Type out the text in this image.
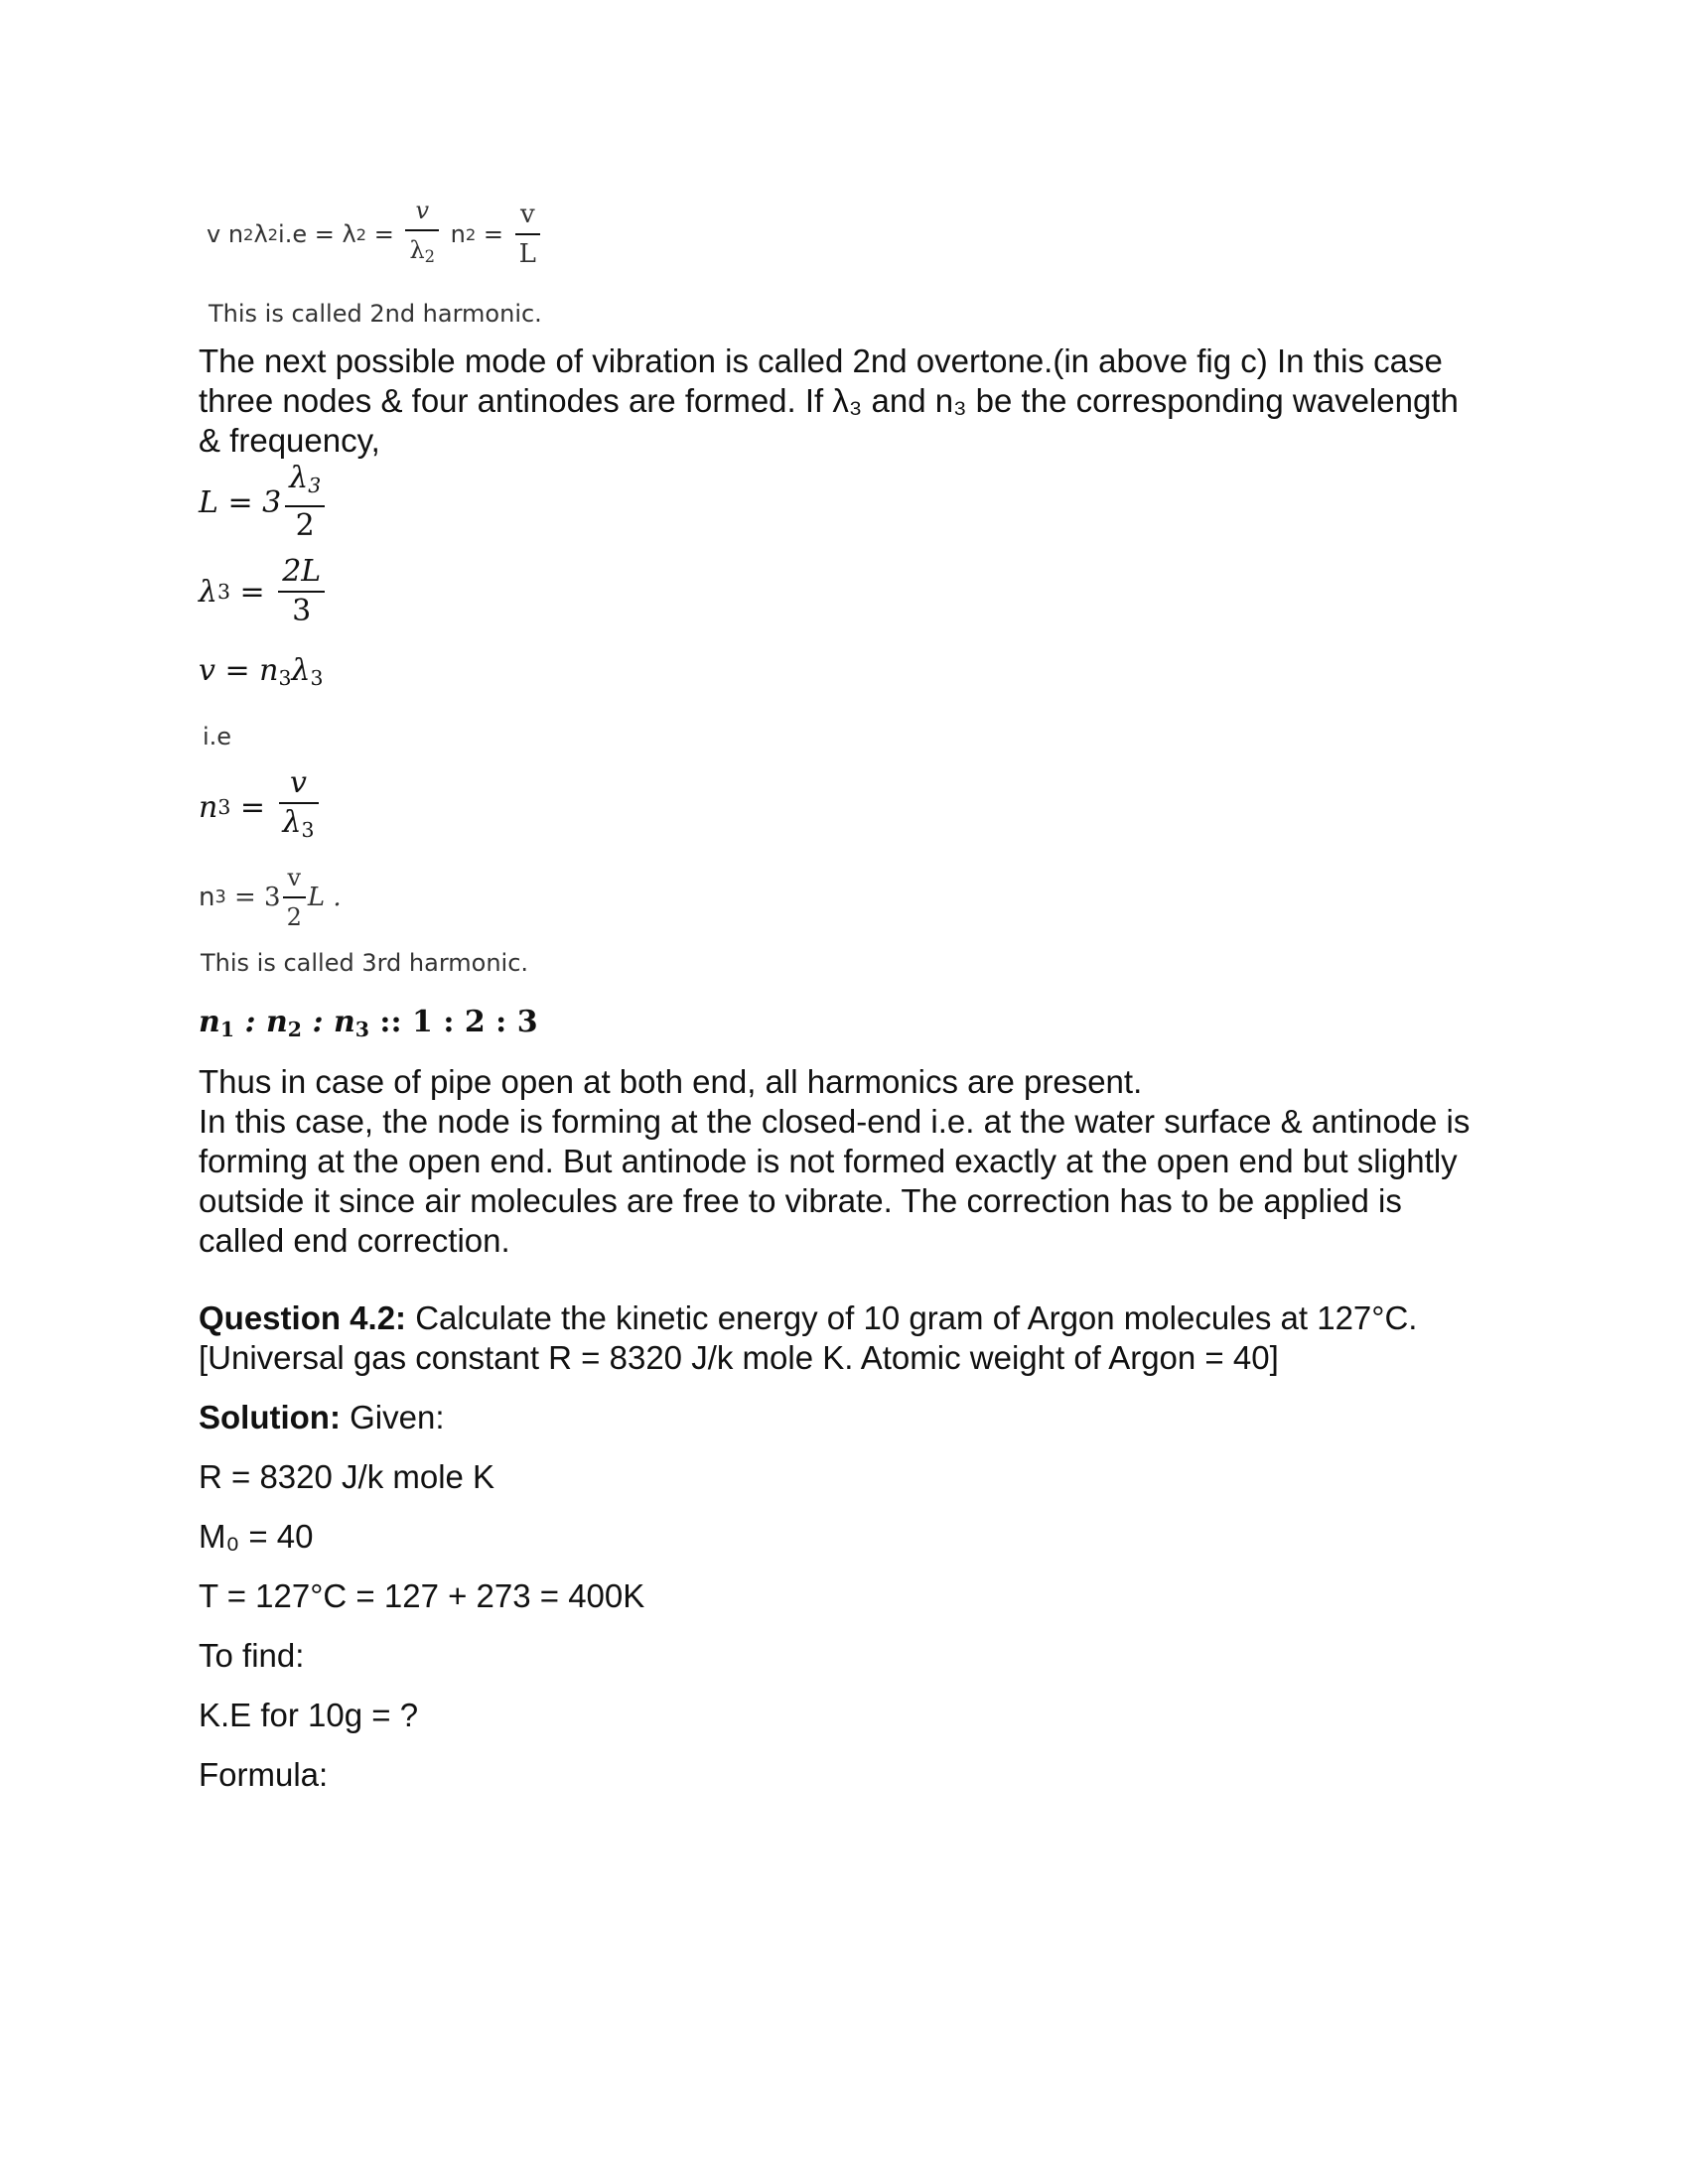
v n 2 λ 2 i.e = λ $2 = \frac{v}{\lambda_2}$ n $2 = \frac{v}{L}$
This is called 2nd harmonic.
The next possible mode of vibration is called 2nd overtone.(in above fig c) In this case
three nodes & four antinodes are formed. If λ₃ and n₃ be the corresponding wavelength
& frequency,
$L = 3 \frac{\lambda_3}{2}$
λ $3 = \frac{2L}{3}$
$v = n_3\lambda_3$
i.e
n $3 = \frac{v}{\lambda_3}$
n $3 = 3 \frac{v}{2}$ L .
This is called 3rd harmonic.
$n_1$ : $n_2$ : $n_3$ :: 1 : 2 : 3
Thus in case of pipe open at both end, all harmonics are present.
In this case, the node is forming at the closed-end i.e. at the water surface & antinode is
forming at the open end. But antinode is not formed exactly at the open end but slightly
outside it since air molecules are free to vibrate. The correction has to be applied is
called end correction.
Question 4.2: Calculate the kinetic energy of 10 gram of Argon molecules at 127°C.
[Universal gas constant R = 8320 J/k mole K. Atomic weight of Argon = 40]
Solution: Given:
R = 8320 J/k mole K
M₀ = 40
T = 127°C = 127 + 273 = 400K
To find:
K.E for 10g = ?
Formula:
